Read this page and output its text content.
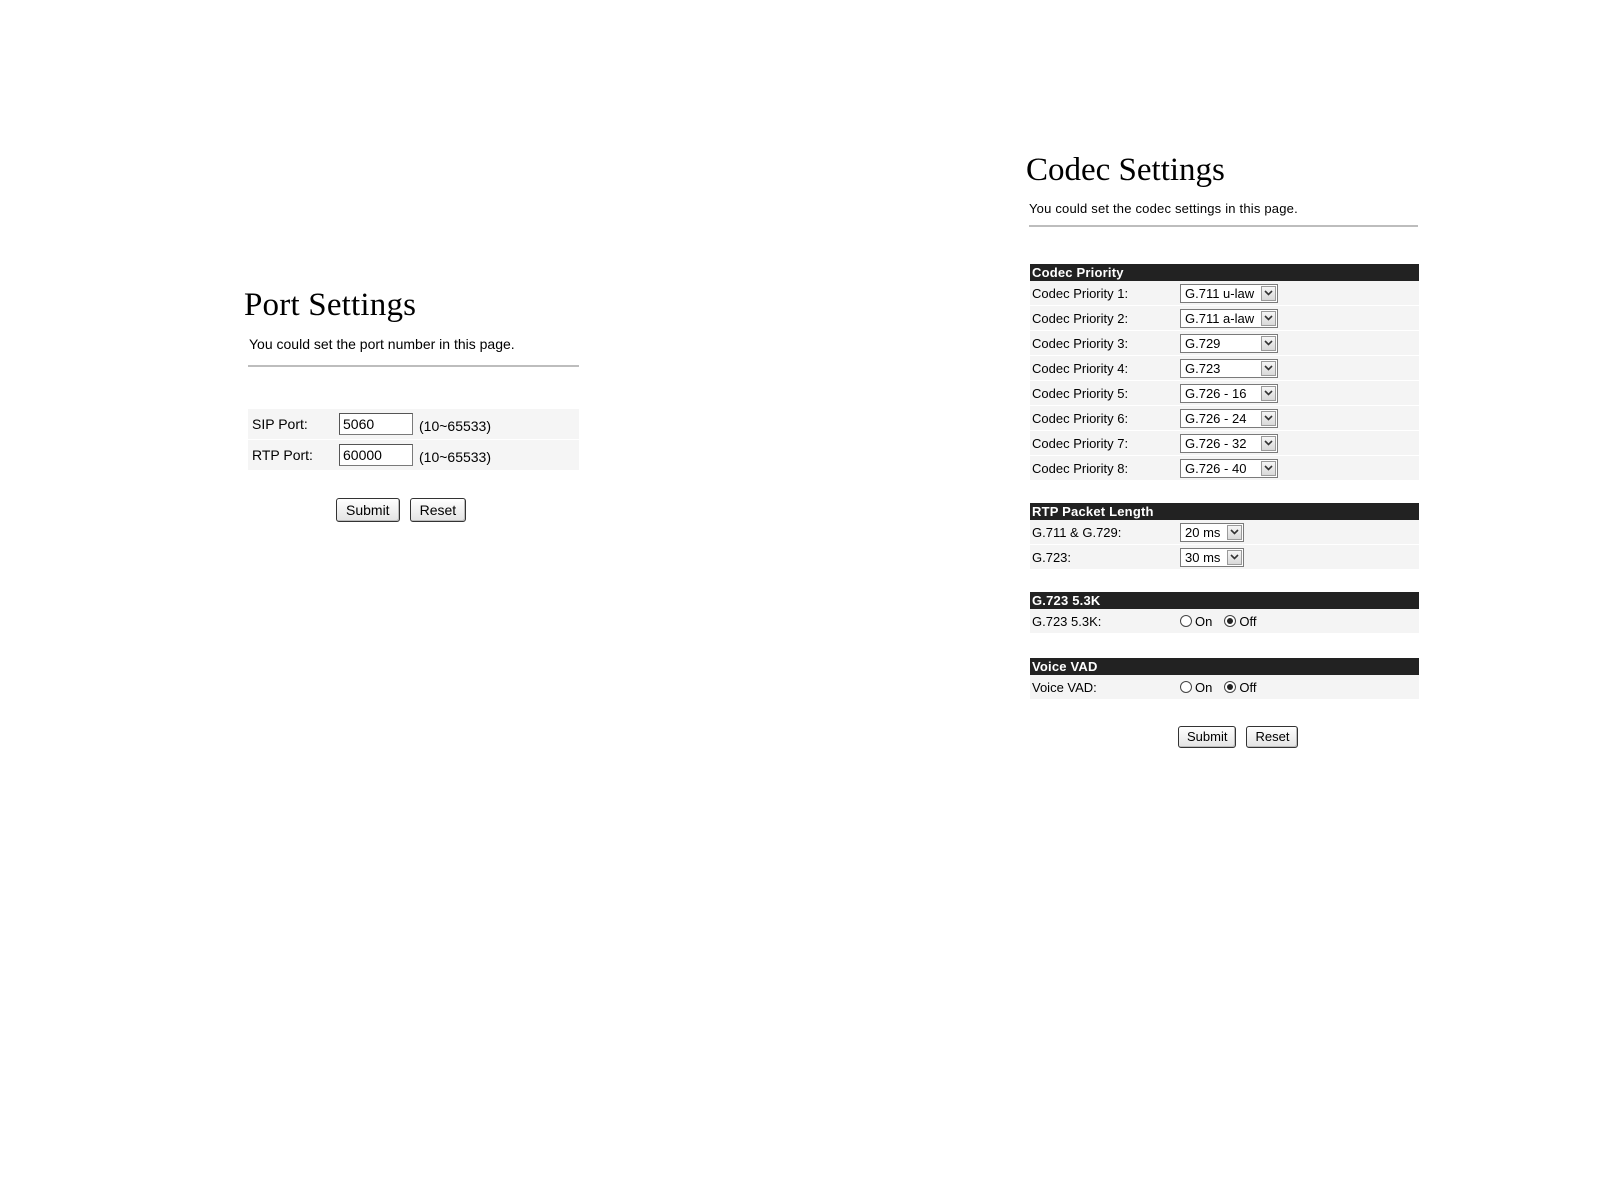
Port Settings
You could set the port number in this page.
SIP Port:	5060	(10~65533)
RTP Port:	60000	(10~65533)
Submit	Reset
Codec Settings
You could set the codec settings in this page.
Codec Priority
Codec Priority 1:	G.711 u-law
Codec Priority 2:	G.711 a-law
Codec Priority 3:	G.729
Codec Priority 4:	G.723
Codec Priority 5:	G.726 - 16
Codec Priority 6:	G.726 - 24
Codec Priority 7:	G.726 - 32
Codec Priority 8:	G.726 - 40
RTP Packet Length
G.711 & G.729:	20 ms
G.723:	30 ms
G.723 5.3K
G.723 5.3K:	On Off
Voice VAD
Voice VAD:	On Off
Submit	Reset
